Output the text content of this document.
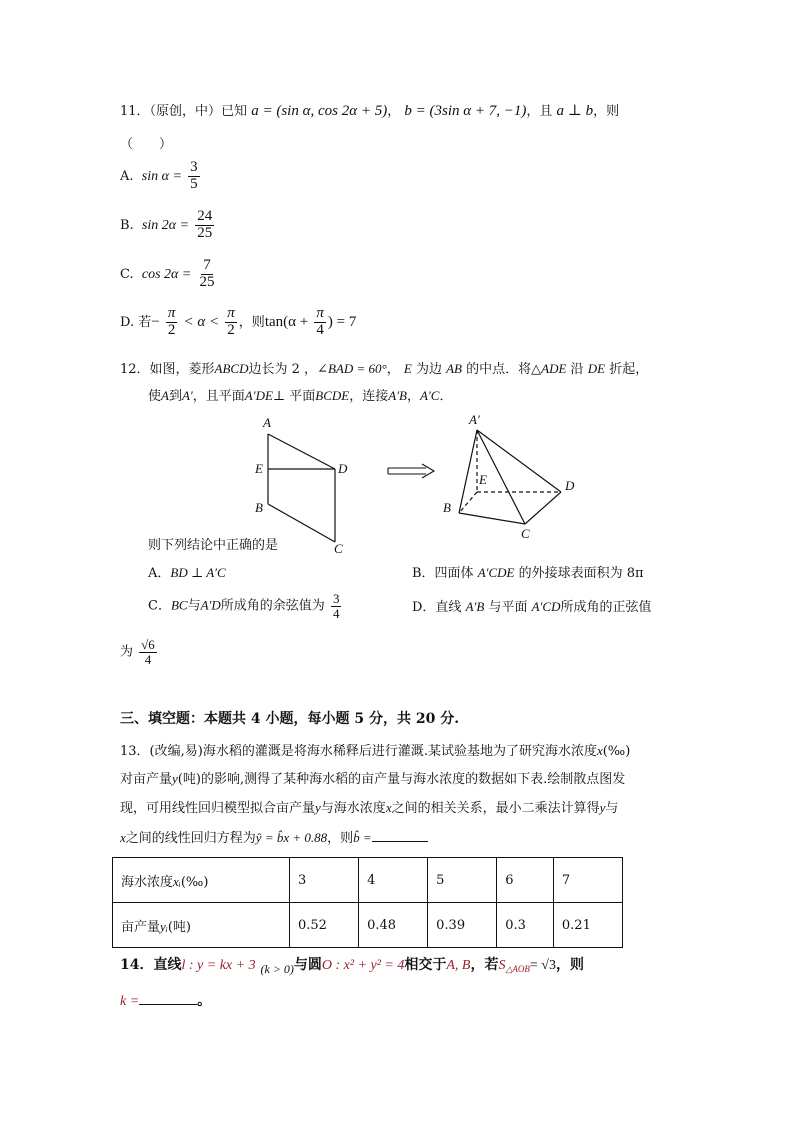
11．（原创，中）已知 a = (sin α, cos 2α + 5)， b = (3sin α + 7, −1)，且 a ⊥ b，则
（　　）
A. $\sin \alpha = \frac{3}{5}$
B. $\sin 2\alpha = \frac{24}{25}$
C. $\cos 2\alpha = \frac{7}{25}$
D. 若− $\frac{\pi}{2} < \alpha < \frac{\pi}{2}$ ，则$\tan(\alpha + \frac{\pi}{4}$ ) = 7
12．如图，菱形ABCD边长为 2 ，∠BAD = 60°， E 为边 AB 的中点．将△ADE 沿 DE 折起，
使A到A′，且平面A′DE⊥ 平面BCDE，连接A′B，A′C．
A
E	D
B
C
A′
E	D
B
C
则下列结论中正确的是
A．BD ⊥ A′C	B．四面体 A′CDE 的外接球表面积为 8π
C．BC与A′D所成角的余弦值为 $\frac{3}{4}$	D．直线 A′B 与平面 A′CD所成角的正弦值
为 $\frac{√6}{4}$
三、填空题：本题共 4 小题，每小题 5 分，共 20 分.
13．(改编,易)海水稻的灌溉是将海水稀释后进行灌溉.某试验基地为了研究海水浓度x(‰)
对亩产量y(吨)的影响,测得了某种海水稻的亩产量与海水浓度的数据如下表.绘制散点图发
现，可用线性回归模型拟合亩产量y与海水浓度x之间的相关关系，最小二乘法计算得y与
x之间的线性回归方程为ŷ = b̂x + 0.88，则b̂ =
海水浓度xᵢ(‰)	3	4	5	6	7
亩产量yᵢ(吨)	0.52	0.48	0.39	0.3	0.21
14．直线l : y = kx + 3 (k > 0)与圆O : x² + y² = 4相交于A, B，若$S_{\triangle AOB}= √3$，则
k =	。
